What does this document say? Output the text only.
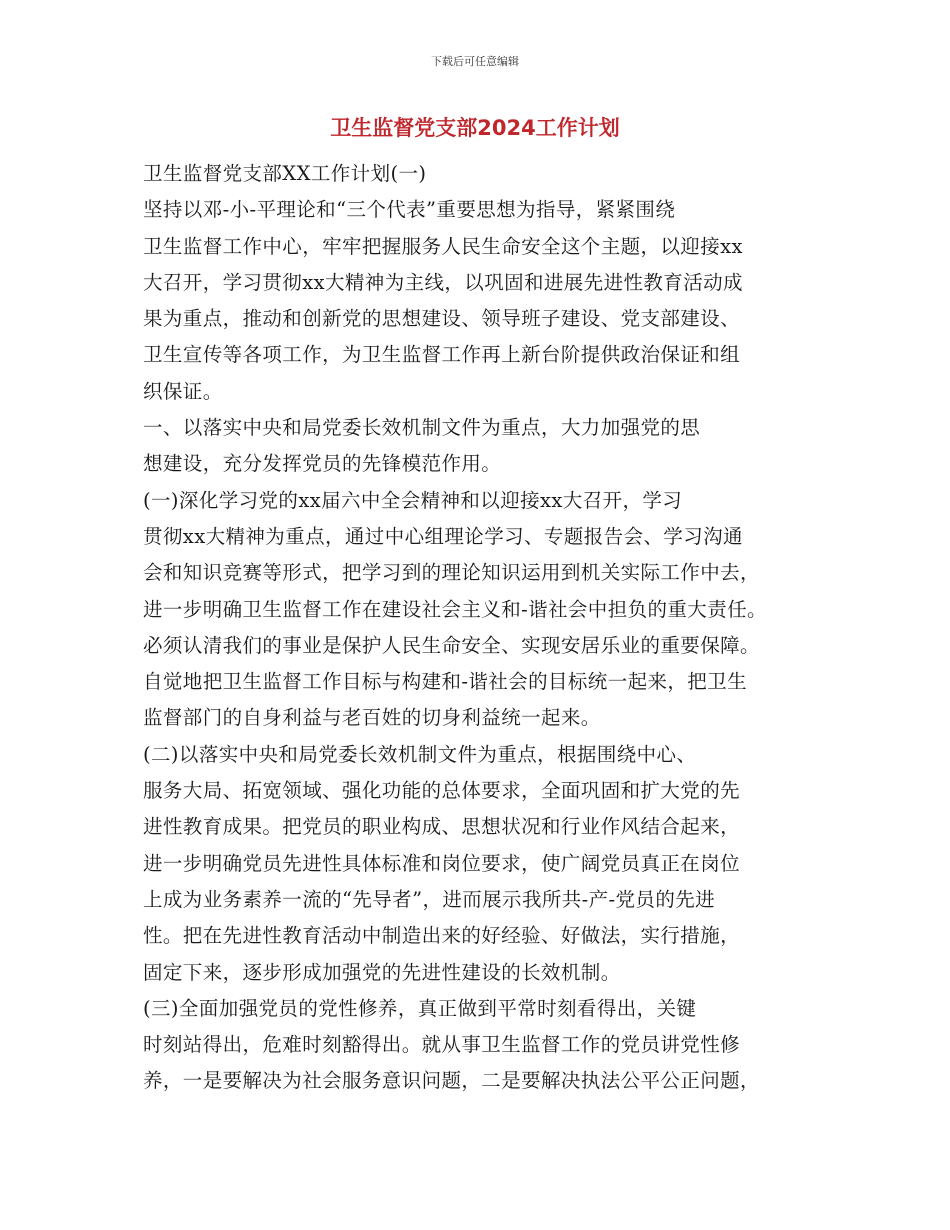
下载后可任意编辑
卫生监督党支部2024工作计划

卫生监督党支部XX工作计划(一)

坚持以邓-小-平理论和“三个代表”重要思想为指导，紧紧围绕

卫生监督工作中心，牢牢把握服务人民生命安全这个主题，以迎接xx

大召开，学习贯彻xx大精神为主线，以巩固和进展先进性教育活动成

果为重点，推动和创新党的思想建设、领导班子建设、党支部建设、

卫生宣传等各项工作，为卫生监督工作再上新台阶提供政治保证和组

织保证。

一、以落实中央和局党委长效机制文件为重点，大力加强党的思

想建设，充分发挥党员的先锋模范作用。

(一)深化学习党的xx届六中全会精神和以迎接xx大召开，学习

贯彻xx大精神为重点，通过中心组理论学习、专题报告会、学习沟通

会和知识竞赛等形式，把学习到的理论知识运用到机关实际工作中去，

进一步明确卫生监督工作在建设社会主义和-谐社会中担负的重大责任。

必须认清我们的事业是保护人民生命安全、实现安居乐业的重要保障。

自觉地把卫生监督工作目标与构建和-谐社会的目标统一起来，把卫生

监督部门的自身利益与老百姓的切身利益统一起来。

(二)以落实中央和局党委长效机制文件为重点，根据围绕中心、

服务大局、拓宽领域、强化功能的总体要求，全面巩固和扩大党的先

进性教育成果。把党员的职业构成、思想状况和行业作风结合起来，

进一步明确党员先进性具体标准和岗位要求，使广阔党员真正在岗位

上成为业务素养一流的“先导者”，进而展示我所共-产-党员的先进

性。把在先进性教育活动中制造出来的好经验、好做法，实行措施，

固定下来，逐步形成加强党的先进性建设的长效机制。

(三)全面加强党员的党性修养，真正做到平常时刻看得出，关键

时刻站得出，危难时刻豁得出。就从事卫生监督工作的党员讲党性修

养，一是要解决为社会服务意识问题，二是要解决执法公平公正问题，
